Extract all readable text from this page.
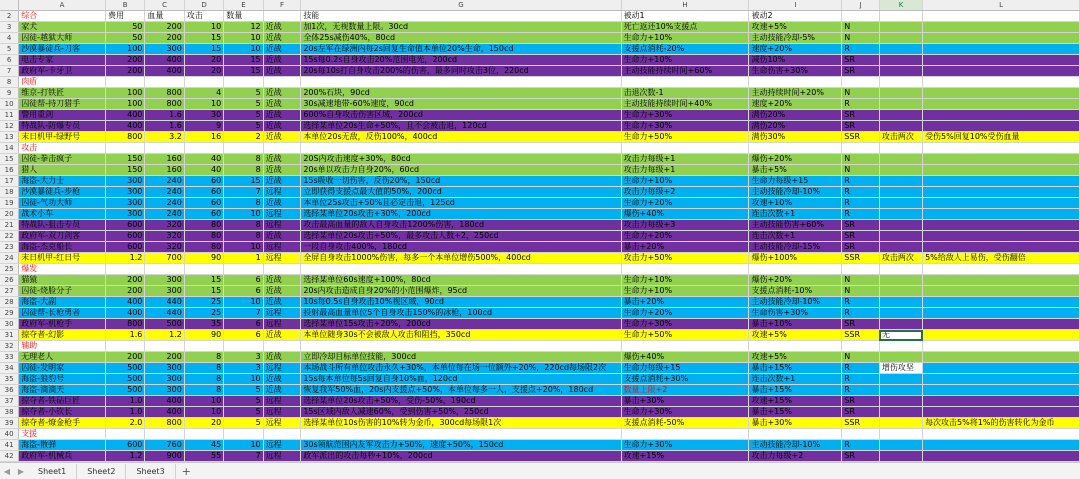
	A	B	C	D	E	F	G	H	I	J	K	L
2	综合	费用	血量	攻击	数量		技能	被动1	被动2			
3	家犬	50	200	10	12	近战	加1次，无视数量上限。30cd	死亡返还10%支援点	攻速+5%	N		
4	囚徒-越狱大师	50	200	15	10	近战	全体25s减伤40%，80cd	生命力+10%	主动技能冷却-5%	N		
5	沙漠暴徒兵-刀客	100	300	15	10	近战	20s左军在绿洲内每2s回复生命值本单位20%生命，150cd	支援点消耗-20%	速度+20%	R		
6	电击专家	200	400	20	15	近战	15s每0.2s自身攻击20%范围电光，200cd	生命力+10%	减伤10%	SR		
7	政府军-卡牙卫	200	400	20	15	近战	20s每10s打自身攻击200%的伤害，最多同时攻击3位，220cd	主动技能持续时间+60%	生命伤害+30%	SR		
8	肉盾											
9	维京-打铁匠	100	800	4	5	近战	200%石块，90cd	击退次数-1	主动持续时间+20%	N		
10	囚徒帮-持刀猎手	100	800	10	5	近战	30s减速地带-60%速度，90cd	主动技能持续时间+40%	速度+20%	R		
11	警用重剑	400	1.6	30	5	近战	600%自身攻击伤害区域，200cd	生命力+30%	满伤20%	SR		
12	特战队-防爆专员	400	1.6	9	5	近战	选择某单位20s生命+50%，且不会被击退，120cd	生命力+30%	满伤20%	SR		
13	末日机甲-绿野号	800	3.2	16	2	近战	本单位20s无敌，反伤100%，400cd	生命力+50%	满伤30%	SSR	攻击两次	受伤5%回复10%受伤血量
14	攻击											
15	囚徒-拳击疯子	150	160	40	8	近战	20S内攻击速度+30%，80cd	攻击力每级+1	爆伤+20%	N		
16	猎人	150	160	40	8	近战	20s单以攻击力自身20%，60cd	攻击力每级+1	暴击+5%	N		
17	海盗-大力士	300	240	60	15	近战	15s吸收一切伤害，反伤20%，150cd	生命力+10%	生命力每级+15	R		
18	沙漠暴徒兵-步枪	300	240	60	7	远程	立即获得支援点最大值的50%，200cd	攻击力每级+2	主动技能冷却-10%	R		
19	囚徒-气功大师	300	240	60	8	近战	本单位25s攻击+50%且必定击退，125cd	生命力+20%	攻速+10%	R		
20	战术小车	300	240	60	10	远程	选择某单位20s攻击+30%，200cd	爆伤+40%	连击次数+1	R		
21	特战队-狙击专员	600	320	80	8	远程	攻击最高血量的敌人自身攻击1200%伤害，180cd	攻击力每级+3	主动技能伤害+60%	SR		
22	政府军-双刀剑客	600	320	80	8	近战	选择某单位20s攻击+50%，最多攻击人数+2，250cd	生命力+20%	连击次数+1	SR		
23	海盗-杰克船长	600	320	80	10	远程	一段自身攻击400%，180cd	暴击+20%	主动技能冷却-15%	SR		
24	末日机甲-红日号	1.2	700	90	1	远程	全屏自身攻击1000%伤害，每多一个本单位增伤500%，400cd	攻击力+50%	爆伤+100%	SSR	攻击两次	5%给敌人上易伤，受伤翻倍
25	爆发											
26	猫猿	200	300	15	6	近战	选择某单位60s速度+100%，80cd	生命力+10%	爆伤+20%	N		
27	囚徒-烧脸分子	200	300	15	6	近战	20s内攻击造成自身20%的小范围爆炸，95cd	生命力+10%	支援点消耗-10%	N		
28	海盗-大副	400	440	25	10	近战	10s每0.5s自身攻击10%视区域，90cd	暴击+20%	主动技能冷却-10%	R		
29	囚徒帮-长枪勇者	400	440	25	7	远程	投射最高血量单位5个自身攻击150%的冰枪，100cd	生命力+20%	生命伤害+30%	R		
30	政府军-机枪手	800	500	35	6	远程	选择某单位15s攻击+20%，200cd	生命力+30%	暴击+10%	SR		
31	掠夺者-幻影	1.6	1.2	90	6	近战	本单位随身30s不会被敌人攻击和阻挡，350cd	生命力+50%	攻速+5%	SSR	无	
32	辅助											
33	无理老人	200	200	8	3	近战	立即冷却目标单位技能，300cd	爆伤+40%	攻速+5%	N		
34	囚徒-发明家	500	300	8	3	远程	本场战斗所有单位攻击永久+30%，本单位每在场一位额外+20%，220cd每场限2次	生命力每级+15	暴击+15%	R	增伤攻坚	
35	海盗-狼豹号	500	300	8	10	近战	15s每本单位每5s回复自身10%血，120cd	支援点消耗+30%	连击次数+1	R		
36	海盗-滴滴天	500	300	8	5	近战	恢复我军50%血，20s内支援点+50%，本单位每多一人，支援点+20%，180cd	数量上限+2	暴击+15%	R		
37	掠夺者-铁砧巨匠	1.0	400	10	5	远程	选择某单位20s攻击+50%，受伤-50%，190cd	暴击+30%	攻速+15%	SR		
38	掠夺者-小钦长	1.0	400	10	5	远程	15s区域内敌人减速60%，受到伤害+50%，250cd	生命力+30%	暴击+15%	SR		
39	掠夺者-燎金枪手	2.0	800	20	5	远程	选择某单位10s伤害的10%转为金币，300cd每场限1次	支援点消耗-50%	暴击+30%	SSR		每次攻击5%将1%的伤害转化为金币
40	支援											
41	海盗-散弹	600	760	45	10	远程	30s领航范围内友军攻击力+50%，速度+50%，150cd	生命力+30%	主动技能冷却-10%	R		
42	政府军-机械兵	1.2	900	55	7	远程	政军派出的攻击每秒+10%，200cd	攻速+15%	攻击力每级+2	SR		

◀ ▶	Sheet1	Sheet2	Sheet3	+
